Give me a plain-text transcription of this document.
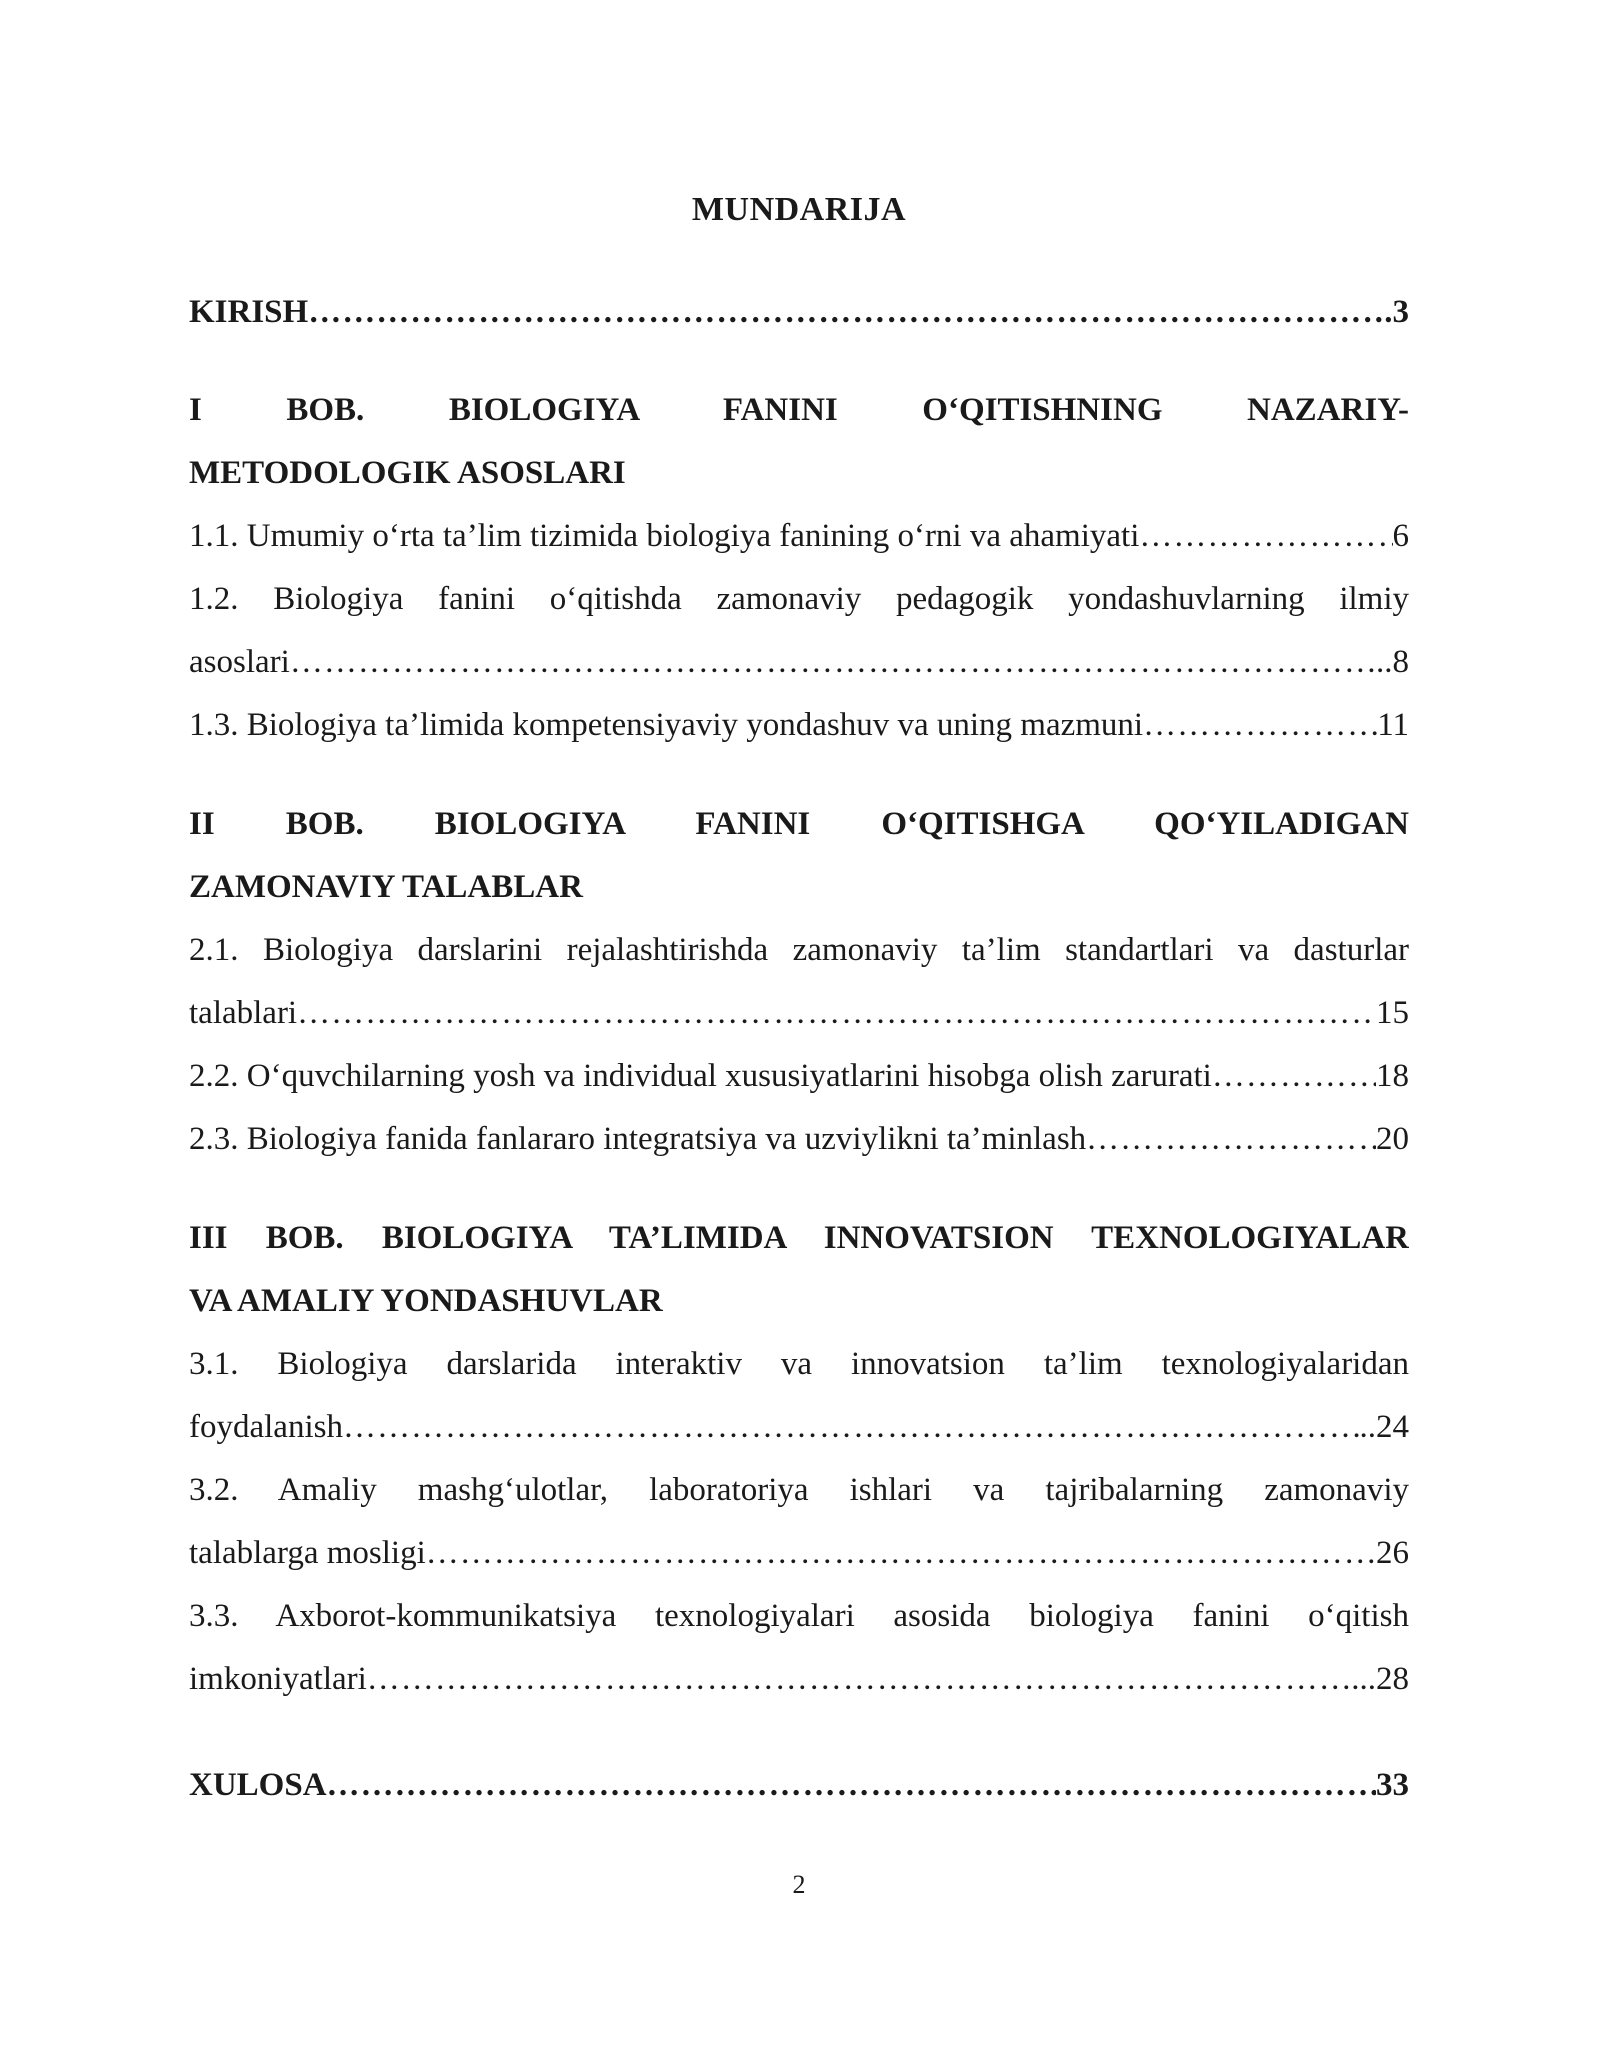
MUNDARIJA
KIRISH ………………………………………………………………………………………………………………………………………………………………………………	.3
I BOB. BIOLOGIYA FANINI O‘QITISHNING NAZARIY-
METODOLOGIK ASOSLARI
1.1. Umumiy o‘rta ta’lim tizimida biologiya fanining o‘rni va ahamiyati ………………………………………………………………………………………………………………………………………………………………………………	6
1.2. Biologiya fanini o‘qitishda zamonaviy pedagogik yondashuvlarning ilmiy
asoslari ………………………………………………………………………………………………………………………………………………………………………………	..8
1.3. Biologiya ta’limida kompetensiyaviy yondashuv va uning mazmuni ………………………………………………………………………………………………………………………………………………………………………………	11
II BOB. BIOLOGIYA FANINI O‘QITISHGA QO‘YILADIGAN
ZAMONAVIY TALABLAR
2.1. Biologiya darslarini rejalashtirishda zamonaviy ta’lim standartlari va dasturlar
talablari ………………………………………………………………………………………………………………………………………………………………………………	15
2.2. O‘quvchilarning yosh va individual xususiyatlarini hisobga olish zarurati ………………………………………………………………………………………………………………………………………………………………………………	18
2.3. Biologiya fanida fanlararo integratsiya va uzviylikni ta’minlash ………………………………………………………………………………………………………………………………………………………………………………	20
III BOB. BIOLOGIYA TA’LIMIDA INNOVATSION TEXNOLOGIYALAR
VA AMALIY YONDASHUVLAR
3.1. Biologiya darslarida interaktiv va innovatsion ta’lim texnologiyalaridan
foydalanish ………………………………………………………………………………………………………………………………………………………………………………	..24
3.2. Amaliy mashg‘ulotlar, laboratoriya ishlari va tajribalarning zamonaviy
talablarga mosligi ………………………………………………………………………………………………………………………………………………………………………………	26
3.3. Axborot-kommunikatsiya texnologiyalari asosida biologiya fanini o‘qitish
imkoniyatlari ………………………………………………………………………………………………………………………………………………………………………………	...28
XULOSA ………………………………………………………………………………………………………………………………………………………………………………	33
2
